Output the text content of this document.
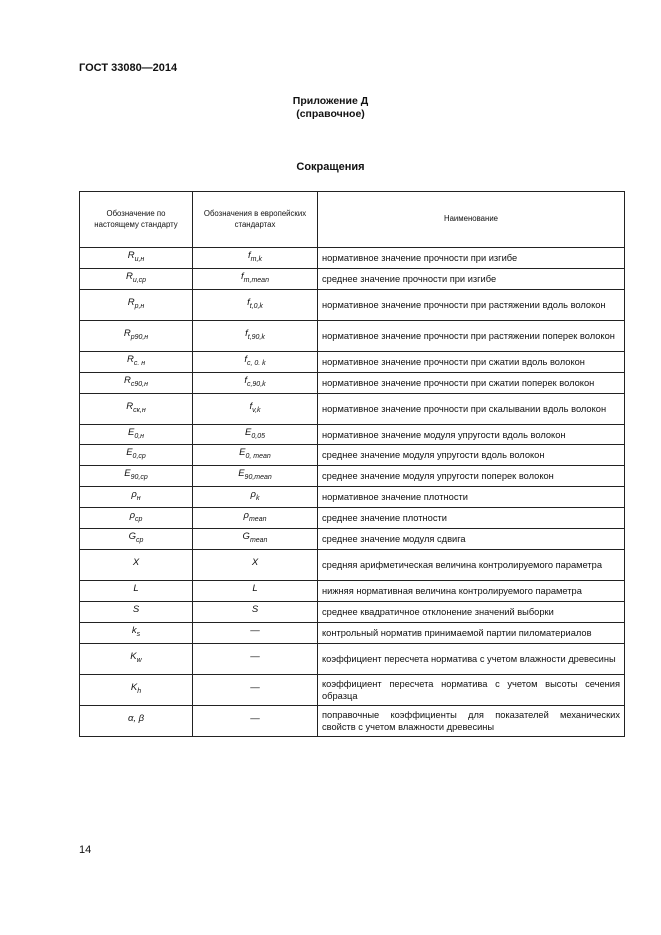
ГОСТ 33080—2014
Приложение Д
(справочное)
Сокращения
Обозначение по настоящему стандарту	Обозначения в европейских стандартах	Наименование
$R_{u,н}$	$f_{m,k}$	нормативное значение прочности при изгибе
$R_{u,ср}$	$f_{m,mean}$	среднее значение прочности при изгибе
$R_{p,н}$	$f_{t,0,k}$	нормативное значение прочности при растяжении вдоль волокон
$R_{p90,н}$	$f_{t,90,k}$	нормативное значение прочности при растяжении поперек волокон
$R_{c. н}$	$f_{c, 0. k}$	нормативное значение прочности при сжатии вдоль волокон
$R_{c90,н}$	$f_{c,90,k}$	нормативное значение прочности при сжатии поперек волокон
$R_{ск,н}$	$f_{v,k}$	нормативное значение прочности при скалывании вдоль волокон
$E_{0,н}$	$E_{0,05}$	нормативное значение модуля упругости вдоль волокон
$E_{0,ср}$	$E_{0, mean}$	среднее значение модуля упругости вдоль волокон
$E_{90,ср}$	$E_{90,mean}$	среднее значение модуля упругости поперек волокон
$\rho_н$	$\rho_k$	нормативное значение плотности
$\rho_{ср}$	$\rho_{mean}$	среднее значение плотности
$G_{ср}$	$G_{mean}$	среднее значение модуля сдвига
X	X	средняя арифметическая величина контролируемого параметра
L	L	нижняя нормативная величина контролируемого параметра
S	S	среднее квадратичное отклонение значений выборки
$k_s$	—	контрольный норматив принимаемой партии пиломатериалов
$K_w$	—	коэффициент пересчета норматива с учетом влажности древесины
$K_h$	—	коэффициент пересчета норматива с учетом высоты сечения образца
α, β	—	поправочные коэффициенты для показателей механических свойств с учетом влажности древесины
14
